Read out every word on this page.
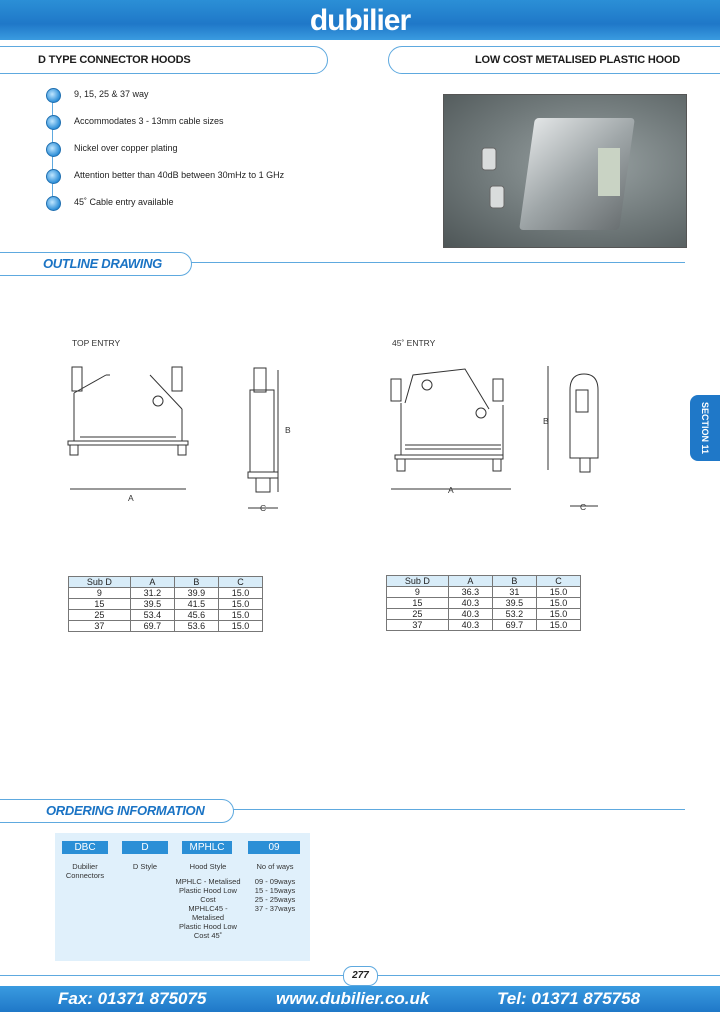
dubilier
D TYPE CONNECTOR HOODS	LOW COST METALISED PLASTIC HOOD
9, 15, 25 & 37 way
Accommodates 3 - 13mm cable sizes
Nickel over copper plating
Attention better than 40dB between 30mHz to 1 GHz
45˚ Cable entry available
OUTLINE DRAWING
SECTION 11
TOP ENTRY	45˚ ENTRY
A
B
C
A
B
C
Sub D	A	B	C
9	31.2	39.9	15.0
15	39.5	41.5	15.0
25	53.4	45.6	15.0
37	69.7	53.6	15.0
Sub D	A	B	C
9	36.3	31	15.0
15	40.3	39.5	15.0
25	40.3	53.2	15.0
37	40.3	69.7	15.0
ORDERING INFORMATION
DBC	D	MPHLC	09
Dubilier
Connectors
D Style	Hood Style
MPHLC - Metalised
Plastic Hood Low
Cost
MPHLC45 - Metalised
Plastic Hood Low
Cost 45˚
No of ways
09 - 09ways
15 - 15ways
25 - 25ways
37 - 37ways
277
Fax: 01371 875075	www.dubilier.co.uk	Tel: 01371 875758
